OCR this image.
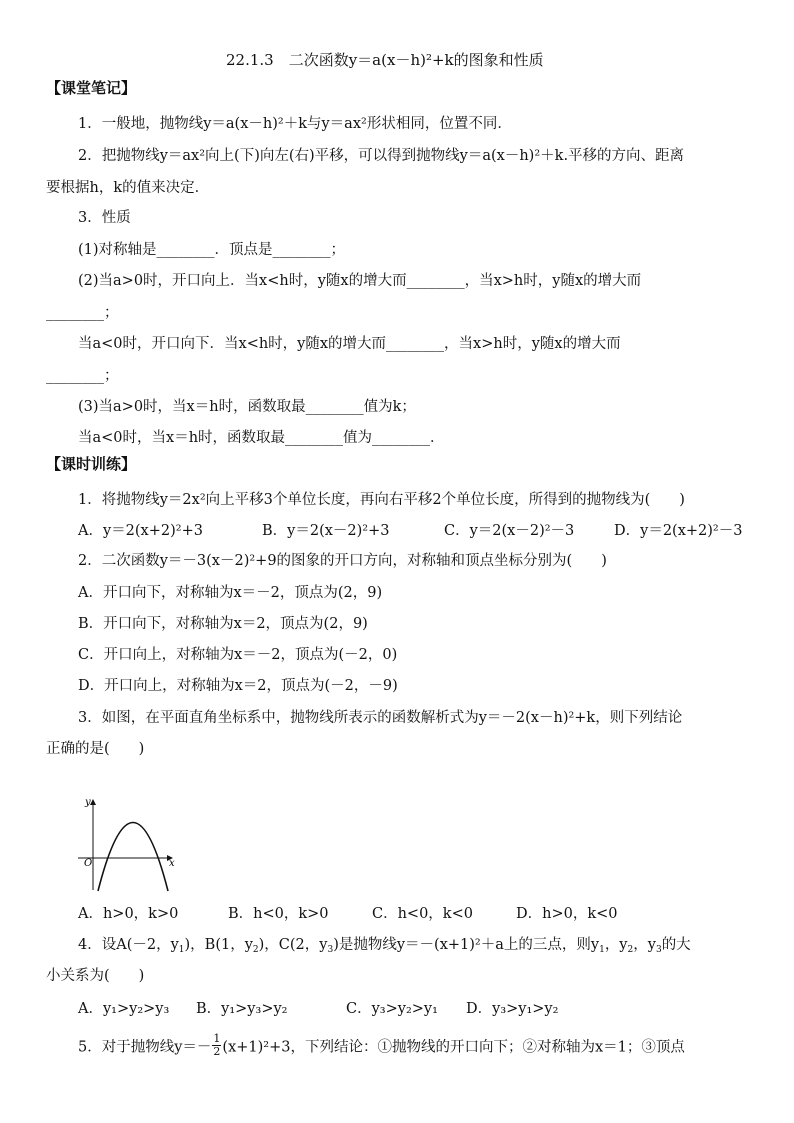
22.1.3　二次函数y＝a(x－h)²+k的图象和性质
【课堂笔记】
1．一般地，抛物线y＝a(x－h)²＋k与y＝ax²形状相同，位置不同．
2．把抛物线y＝ax²向上(下)向左(右)平移，可以得到抛物线y＝a(x－h)²＋k.平移的方向、距离
要根据h，k的值来决定．
3．性质
(1)对称轴是________．顶点是________；
(2)当a>0时，开口向上．当x<h时，y随x的增大而________，当x>h时，y随x的增大而
________；
当a<0时，开口向下．当x<h时，y随x的增大而________，当x>h时，y随x的增大而
________；
(3)当a>0时，当x＝h时，函数取最________值为k；
当a<0时，当x＝h时，函数取最________值为________．
【课时训练】
1．将抛物线y＝2x²向上平移3个单位长度，再向右平移2个单位长度，所得到的抛物线为(　　)
A．y＝2(x+2)²+3	B．y＝2(x－2)²+3	C．y＝2(x－2)²－3	D．y＝2(x+2)²－3
2．二次函数y＝－3(x－2)²+9的图象的开口方向，对称轴和顶点坐标分别为(　　)
A．开口向下，对称轴为x＝－2，顶点为(2，9)
B．开口向下，对称轴为x＝2，顶点为(2，9)
C．开口向上，对称轴为x＝－2，顶点为(－2，0)
D．开口向上，对称轴为x＝2，顶点为(－2，－9)
3．如图，在平面直角坐标系中，抛物线所表示的函数解析式为y＝－2(x－h)²+k，则下列结论
正确的是(　　)
y
x
O
A．h>0，k>0	B．h<0，k>0	C．h<0，k<0	D．h>0，k<0
4．设A(－2，$y_1$)，B(1，$y_2$)，C(2，$y_3$)是抛物线y＝－(x+1)²＋a上的三点，则$y_1$，$y_2$，$y_3$的大
小关系为(　　)
A．y₁>y₂>y₃ B．y₁>y₃>y₂	C．y₃>y₂>y₁ D．y₃>y₁>y₂
5．对于抛物线$y=- \frac{1}{2} (x+1)^2+3$，下列结论：①抛物线的开口向下；②对称轴为x＝1；③顶点
